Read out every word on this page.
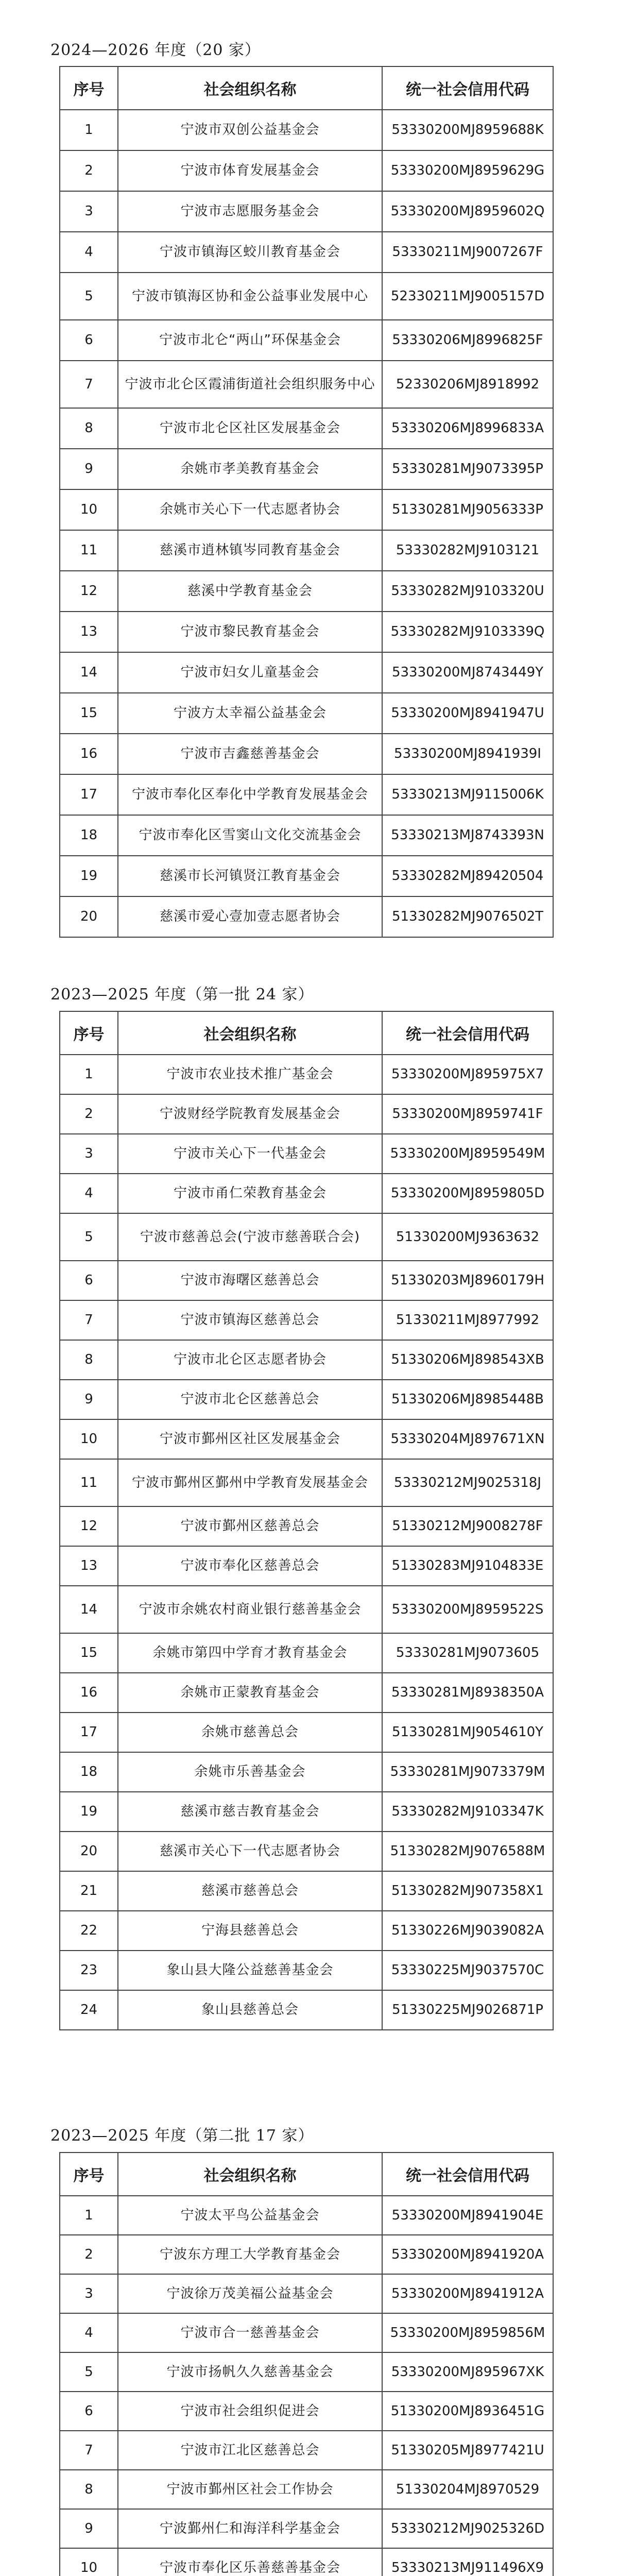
2024—2026 年度（20 家）
序号	社会组织名称	统一社会信用代码
1	宁波市双创公益基金会	53330200MJ8959688K
2	宁波市体育发展基金会	53330200MJ8959629G
3	宁波市志愿服务基金会	53330200MJ8959602Q
4	宁波市镇海区蛟川教育基金会	53330211MJ9007267F
5	宁波市镇海区协和金公益事业发展中心	52330211MJ9005157D
6	宁波市北仑“两山”环保基金会	53330206MJ8996825F
7	宁波市北仑区霞浦街道社会组织服务中心	52330206MJ8918992
8	宁波市北仑区社区发展基金会	53330206MJ8996833A
9	余姚市孝美教育基金会	53330281MJ9073395P
10	余姚市关心下一代志愿者协会	51330281MJ9056333P
11	慈溪市逍林镇岑同教育基金会	53330282MJ9103121
12	慈溪中学教育基金会	53330282MJ9103320U
13	宁波市黎民教育基金会	53330282MJ9103339Q
14	宁波市妇女儿童基金会	53330200MJ8743449Y
15	宁波方太幸福公益基金会	53330200MJ8941947U
16	宁波市吉鑫慈善基金会	53330200MJ8941939I
17	宁波市奉化区奉化中学教育发展基金会	53330213MJ9115006K
18	宁波市奉化区雪窦山文化交流基金会	53330213MJ8743393N
19	慈溪市长河镇贤江教育基金会	53330282MJ89420504
20	慈溪市爱心壹加壹志愿者协会	51330282MJ9076502T
2023—2025 年度（第一批 24 家）
序号	社会组织名称	统一社会信用代码
1	宁波市农业技术推广基金会	53330200MJ895975X7
2	宁波财经学院教育发展基金会	53330200MJ8959741F
3	宁波市关心下一代基金会	53330200MJ8959549M
4	宁波市甬仁荣教育基金会	53330200MJ8959805D
5	宁波市慈善总会(宁波市慈善联合会)	51330200MJ9363632
6	宁波市海曙区慈善总会	51330203MJ8960179H
7	宁波市镇海区慈善总会	51330211MJ8977992
8	宁波市北仑区志愿者协会	51330206MJ898543XB
9	宁波市北仑区慈善总会	51330206MJ8985448B
10	宁波市鄞州区社区发展基金会	53330204MJ897671XN
11	宁波市鄞州区鄞州中学教育发展基金会	53330212MJ9025318J
12	宁波市鄞州区慈善总会	51330212MJ9008278F
13	宁波市奉化区慈善总会	51330283MJ9104833E
14	宁波市余姚农村商业银行慈善基金会	53330200MJ8959522S
15	余姚市第四中学育才教育基金会	53330281MJ9073605
16	余姚市正蒙教育基金会	53330281MJ8938350A
17	余姚市慈善总会	51330281MJ9054610Y
18	余姚市乐善基金会	53330281MJ9073379M
19	慈溪市慈吉教育基金会	53330282MJ9103347K
20	慈溪市关心下一代志愿者协会	51330282MJ9076588M
21	慈溪市慈善总会	51330282MJ907358X1
22	宁海县慈善总会	51330226MJ9039082A
23	象山县大隆公益慈善基金会	53330225MJ9037570C
24	象山县慈善总会	51330225MJ9026871P
2023—2025 年度（第二批 17 家）
序号	社会组织名称	统一社会信用代码
1	宁波太平鸟公益基金会	53330200MJ8941904E
2	宁波东方理工大学教育基金会	53330200MJ8941920A
3	宁波徐万茂美福公益基金会	53330200MJ8941912A
4	宁波市合一慈善基金会	53330200MJ8959856M
5	宁波市扬帆久久慈善基金会	53330200MJ895967XK
6	宁波市社会组织促进会	51330200MJ8936451G
7	宁波市江北区慈善总会	51330205MJ8977421U
8	宁波市鄞州区社会工作协会	51330204MJ8970529
9	宁波鄞州仁和海洋科学基金会	53330212MJ9025326D
10	宁波市奉化区乐善慈善基金会	53330213MJ911496X9
